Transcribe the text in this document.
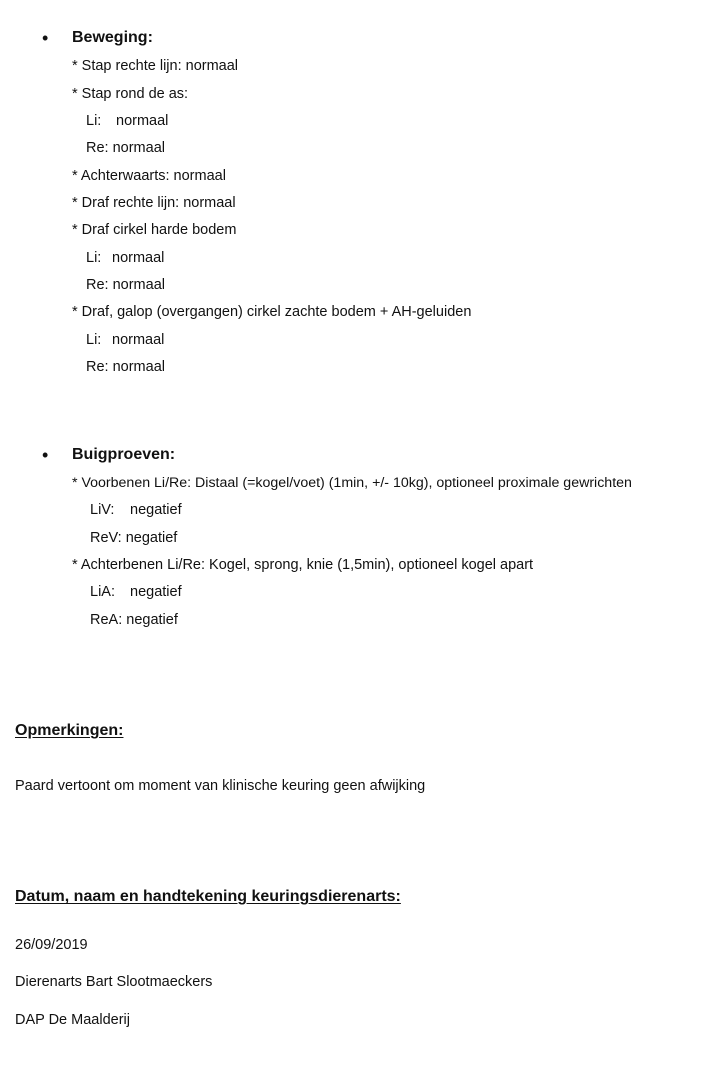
• Beweging:
* Stap rechte lijn: normaal
* Stap rond de as:
Li: normaal
Re: normaal
* Achterwaarts: normaal
* Draf rechte lijn: normaal
* Draf cirkel harde bodem
Li: normaal
Re: normaal
* Draf, galop (overgangen) cirkel zachte bodem + AH-geluiden
Li: normaal
Re: normaal
• Buigproeven:
* Voorbenen Li/Re: Distaal (=kogel/voet) (1min, +/- 10kg), optioneel proximale gewrichten
LiV: negatief
ReV: negatief
* Achterbenen Li/Re: Kogel, sprong, knie (1,5min), optioneel kogel apart
LiA: negatief
ReA: negatief
Opmerkingen:
Paard vertoont om moment van klinische keuring geen afwijking
Datum, naam en handtekening keuringsdierenarts:
26/09/2019
Dierenarts Bart Slootmaeckers
DAP De Maalderij
